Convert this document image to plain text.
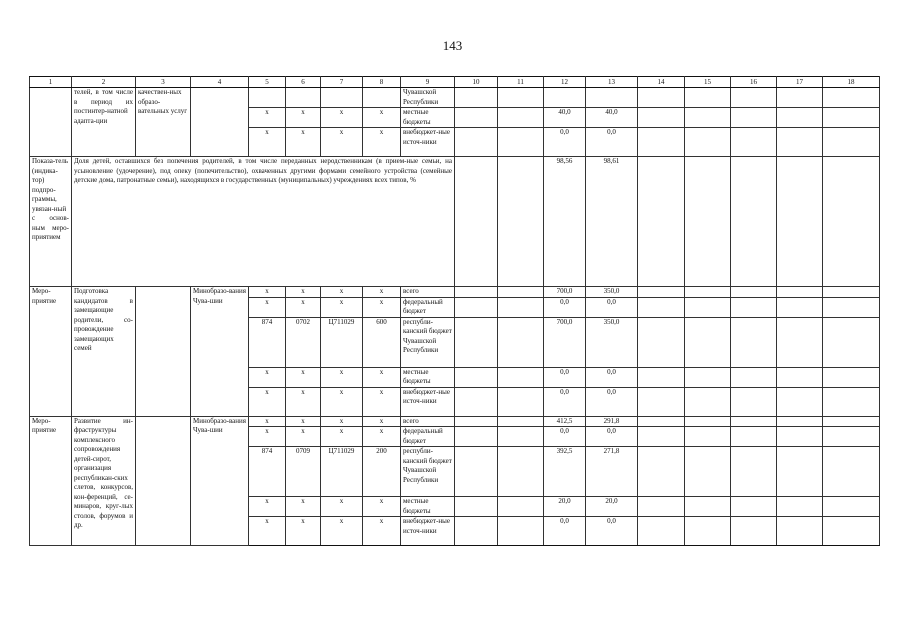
143
1	2	3	4	5	6	7	8	9	10	11	12	13	14	15	16	17	18
	телей, в том числе в период их постинтер-натной адапта-ции	качествен-ных образо-вательных услуг						Чувашской Республики									
				x	x	x	x	местные бюджеты			40,0	40,0					
				x	x	x	x	внебюджет-ные источ-ники			0,0	0,0					
Показа-тель (индика-тор) подпро-граммы, увязан-ный с основ-ным меро-приятием	Доля детей, оставшихся без попечения родителей, в том числе переданных неродственникам (в прием-ные семьи, на усыновление (удочерение), под опеку (попечительство), охваченных другими формами семейного устройства (семейные детские дома, патронатные семьи), находящихся в государственных (муниципальных) учреждениях всех типов, %										98,56	98,61					
Меро-приятие	Подготовка кандидатов в замещающие родители, со-провождение замещающих семей		Минобразо-вания Чува-шии	x	x	x	x	всего			700,0	350,0					
				x	x	x	x	федеральный бюджет			0,0	0,0					
				874	0702	Ц711029	600	республи-канский бюджет Чувашской Республики			700,0	350,0					
				x	x	x	x	местные бюджеты			0,0	0,0					
				x	x	x	x	внебюджет-ные источ-ники			0,0	0,0					
Меро-приятие	Развитие ин-фраструктуры комплексного сопровождения детей-сирот, организация республикан-ских слетов, конкурсов, кон-ференций, се-минаров, круг-лых столов, форумов и др.		Минобразо-вания Чува-шии	x	x	x	x	всего			412,5	291,8					
				x	x	x	x	федеральный бюджет			0,0	0,0					
				874	0709	Ц711029	200	республи-канский бюджет Чувашской Республики			392,5	271,8					
				x	x	x	x	местные бюджеты			20,0	20,0					
				x	x	x	x	внебюджет-ные источ-ники			0,0	0,0					
